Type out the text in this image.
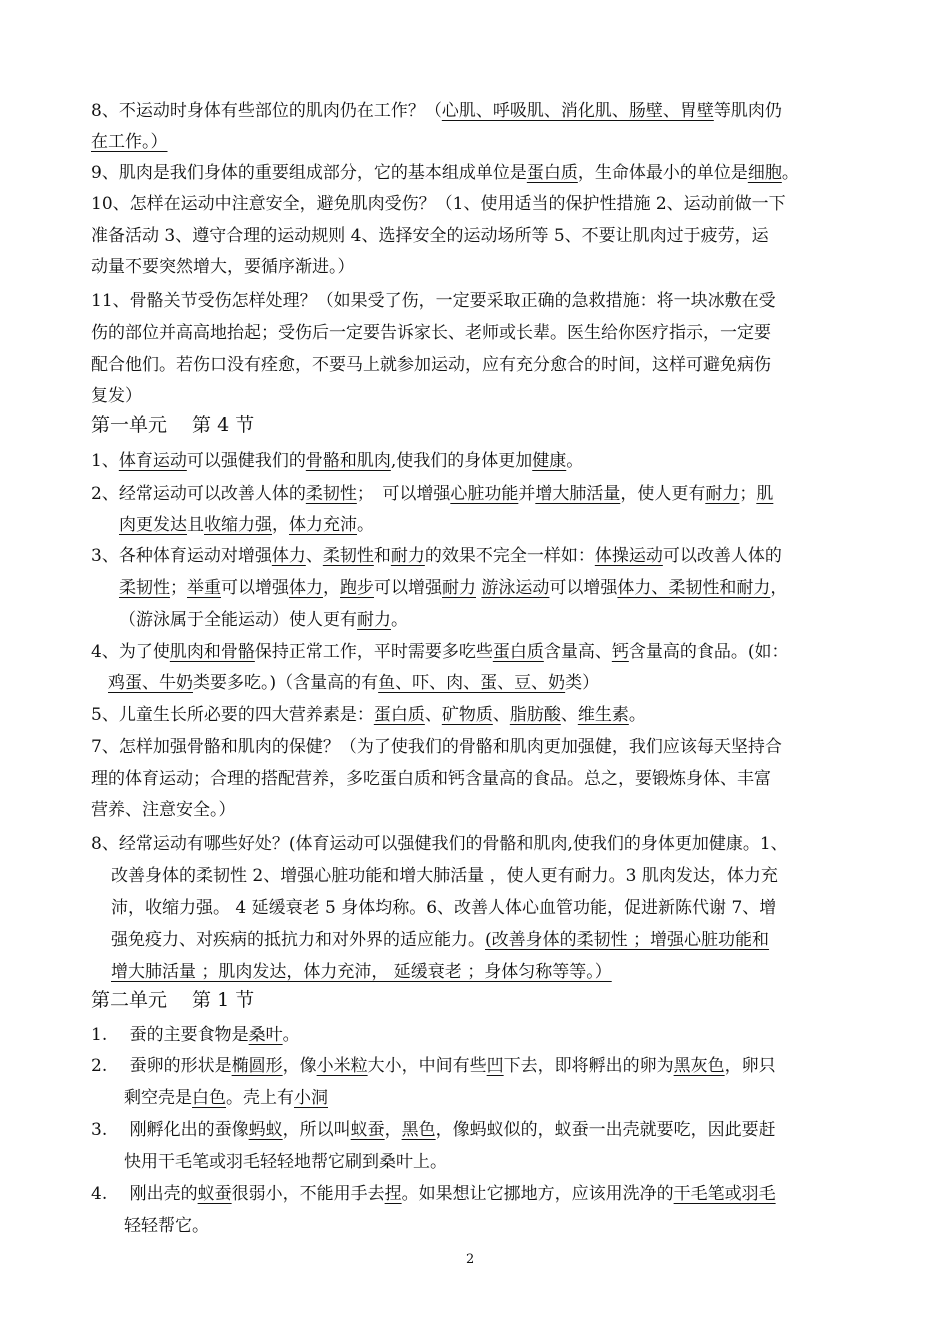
2
8、不运动时身体有些部位的肌肉仍在工作？（心肌、呼吸肌、消化肌、肠壁、胃壁等肌肉仍
在工作。）
9、肌肉是我们身体的重要组成部分，它的基本组成单位是蛋白质，生命体最小的单位是细胞。
10、怎样在运动中注意安全，避免肌肉受伤？（1、使用适当的保护性措施 2、运动前做一下
准备活动 3、遵守合理的运动规则 4、选择安全的运动场所等 5、不要让肌肉过于疲劳，运
动量不要突然增大，要循序渐进。）
11、骨骼关节受伤怎样处理？（如果受了伤，一定要采取正确的急救措施：将一块冰敷在受
伤的部位并高高地抬起；受伤后一定要告诉家长、老师或长辈。医生给你医疗指示，一定要
配合他们。若伤口没有痊愈，不要马上就参加运动，应有充分愈合的时间，这样可避免病伤
复发）
第一单元　 第 4 节
1、体育运动可以强健我们的骨骼和肌肉,使我们的身体更加健康。
2、经常运动可以改善人体的柔韧性；　可以增强心脏功能并增大肺活量，使人更有耐力；肌
肉更发达且收缩力强，体力充沛。
3、各种体育运动对增强体力、柔韧性和耐力的效果不完全一样如：体操运动可以改善人体的
柔韧性；举重可以增强体力，跑步可以增强耐力 游泳运动可以增强体力、柔韧性和耐力，
（游泳属于全能运动）使人更有耐力。
4、为了使肌肉和骨骼保持正常工作，平时需要多吃些蛋白质含量高、钙含量高的食品。(如：
鸡蛋、牛奶类要多吃。)（含量高的有鱼、吓、肉、蛋、豆、奶类）
5、儿童生长所必要的四大营养素是：蛋白质、矿物质、脂肪酸、维生素。
7、怎样加强骨骼和肌肉的保健？（为了使我们的骨骼和肌肉更加强健，我们应该每天坚持合
理的体育运动；合理的搭配营养，多吃蛋白质和钙含量高的食品。总之，要锻炼身体、丰富
营养、注意安全。）
8、经常运动有哪些好处？(体育运动可以强健我们的骨骼和肌肉,使我们的身体更加健康。1、
改善身体的柔韧性 2、增强心脏功能和增大肺活量 ，使人更有耐力。3 肌肉发达，体力充
沛，收缩力强。 4 延缓衰老 5 身体均称。6、改善人体心血管功能，促进新陈代谢 7、增
强免疫力、对疾病的抵抗力和对外界的适应能力。(改善身体的柔韧性 ；增强心脏功能和
增大肺活量 ；肌肉发达，体力充沛， 延缓衰老 ；身体匀称等等。）
第二单元　 第 1 节
1.　 蚕的主要食物是桑叶。
2.　 蚕卵的形状是椭圆形，像小米粒大小，中间有些凹下去，即将孵出的卵为黑灰色，卵只
剩空壳是白色。壳上有小洞
3.　 刚孵化出的蚕像蚂蚁，所以叫蚁蚕，黑色，像蚂蚁似的，蚁蚕一出壳就要吃，因此要赶
快用干毛笔或羽毛轻轻地帮它刷到桑叶上。
4.　 刚出壳的蚁蚕很弱小，不能用手去捏。如果想让它挪地方，应该用洗净的干毛笔或羽毛
轻轻帮它。
